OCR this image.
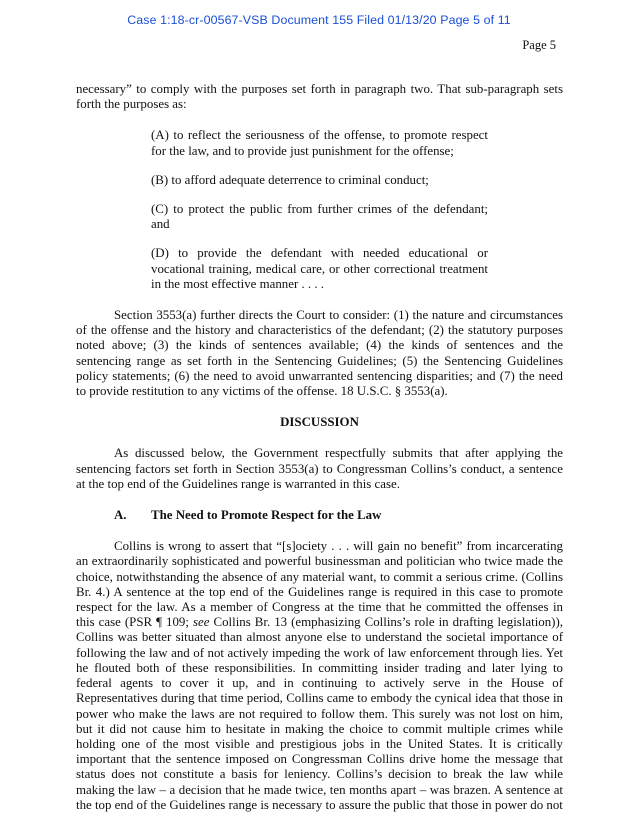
Case 1:18-cr-00567-VSB Document 155 Filed 01/13/20 Page 5 of 11
Page 5

necessary” to comply with the purposes set forth in paragraph two. That sub-paragraph sets forth the purposes as:

(A) to reflect the seriousness of the offense, to promote respect for the law, and to provide just punishment for the offense;

(B) to afford adequate deterrence to criminal conduct;

(C) to protect the public from further crimes of the defendant; and

(D) to provide the defendant with needed educational or vocational training, medical care, or other correctional treatment in the most effective manner . . . .

Section 3553(a) further directs the Court to consider: (1) the nature and circumstances of the offense and the history and characteristics of the defendant; (2) the statutory purposes noted above; (3) the kinds of sentences available; (4) the kinds of sentences and the sentencing range as set forth in the Sentencing Guidelines; (5) the Sentencing Guidelines policy statements; (6) the need to avoid unwarranted sentencing disparities; and (7) the need to provide restitution to any victims of the offense. 18 U.S.C. § 3553(a).

DISCUSSION

As discussed below, the Government respectfully submits that after applying the sentencing factors set forth in Section 3553(a) to Congressman Collins’s conduct, a sentence at the top end of the Guidelines range is warranted in this case.

A. The Need to Promote Respect for the Law

Collins is wrong to assert that “[s]ociety . . . will gain no benefit” from incarcerating an extraordinarily sophisticated and powerful businessman and politician who twice made the choice, notwithstanding the absence of any material want, to commit a serious crime. (Collins Br. 4.) A sentence at the top end of the Guidelines range is required in this case to promote respect for the law. As a member of Congress at the time that he committed the offenses in this case (PSR ¶ 109; see Collins Br. 13 (emphasizing Collins’s role in drafting legislation)), Collins was better situated than almost anyone else to understand the societal importance of following the law and of not actively impeding the work of law enforcement through lies. Yet he flouted both of these responsibilities. In committing insider trading and later lying to federal agents to cover it up, and in continuing to actively serve in the House of Representatives during that time period, Collins came to embody the cynical idea that those in power who make the laws are not required to follow them. This surely was not lost on him, but it did not cause him to hesitate in making the choice to commit multiple crimes while holding one of the most visible and prestigious jobs in the United States. It is critically important that the sentence imposed on Congressman Collins drive home the message that status does not constitute a basis for leniency. Collins’s decision to break the law while making the law – a decision that he made twice, ten months apart – was brazen. A sentence at the top end of the Guidelines range is necessary to assure the public that those in power do not
